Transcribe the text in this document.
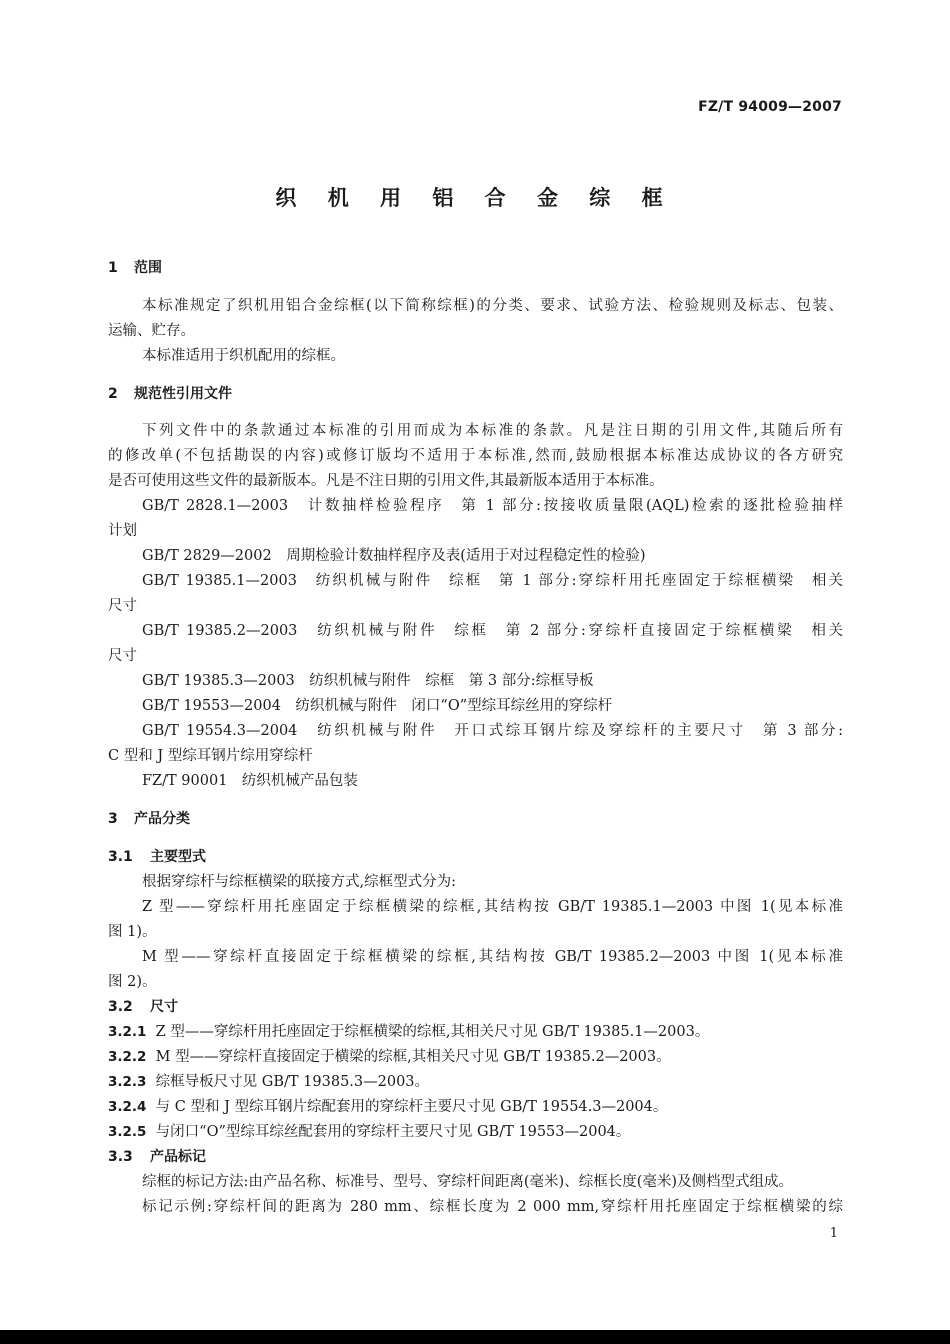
FZ/T 94009—2007
织 机 用 铝 合 金 综 框
1 范围
本标准规定了织机用铝合金综框(以下简称综框)的分类、要求、试验方法、检验规则及标志、包装、
运输、贮存。
本标准适用于织机配用的综框。
2 规范性引用文件
下列文件中的条款通过本标准的引用而成为本标准的条款。凡是注日期的引用文件,其随后所有
的修改单(不包括勘误的内容)或修订版均不适用于本标准,然而,鼓励根据本标准达成协议的各方研究
是否可使用这些文件的最新版本。凡是不注日期的引用文件,其最新版本适用于本标准。
GB/T 2828.1—2003　计数抽样检验程序　第 1 部分:按接收质量限(AQL)检索的逐批检验抽样
计划
GB/T 2829—2002　周期检验计数抽样程序及表(适用于对过程稳定性的检验)
GB/T 19385.1—2003　纺织机械与附件　综框　第 1 部分:穿综杆用托座固定于综框横梁　相关
尺寸
GB/T 19385.2—2003　纺织机械与附件　综框　第 2 部分:穿综杆直接固定于综框横梁　相关
尺寸
GB/T 19385.3—2003　纺织机械与附件　综框　第 3 部分:综框导板
GB/T 19553—2004　纺织机械与附件　闭口“O”型综耳综丝用的穿综杆
GB/T 19554.3—2004　纺织机械与附件　开口式综耳钢片综及穿综杆的主要尺寸　第 3 部分:
C 型和 J 型综耳钢片综用穿综杆
FZ/T 90001　纺织机械产品包装
3 产品分类
3.1 主要型式
根据穿综杆与综框横梁的联接方式,综框型式分为:
Z 型——穿综杆用托座固定于综框横梁的综框,其结构按 GB/T 19385.1—2003 中图 1(见本标准
图 1)。
M 型——穿综杆直接固定于综框横梁的综框,其结构按 GB/T 19385.2—2003 中图 1(见本标准
图 2)。
3.2 尺寸
3.2.1 Z 型——穿综杆用托座固定于综框横梁的综框,其相关尺寸见 GB/T 19385.1—2003。
3.2.2 M 型——穿综杆直接固定于横梁的综框,其相关尺寸见 GB/T 19385.2—2003。
3.2.3 综框导板尺寸见 GB/T 19385.3—2003。
3.2.4 与 C 型和 J 型综耳钢片综配套用的穿综杆主要尺寸见 GB/T 19554.3—2004。
3.2.5 与闭口“O”型综耳综丝配套用的穿综杆主要尺寸见 GB/T 19553—2004。
3.3 产品标记
综框的标记方法:由产品名称、标准号、型号、穿综杆间距离(毫米)、综框长度(毫米)及侧档型式组成。
标记示例:穿综杆间的距离为 280 mm、综框长度为 2 000 mm,穿综杆用托座固定于综框横梁的综
1
